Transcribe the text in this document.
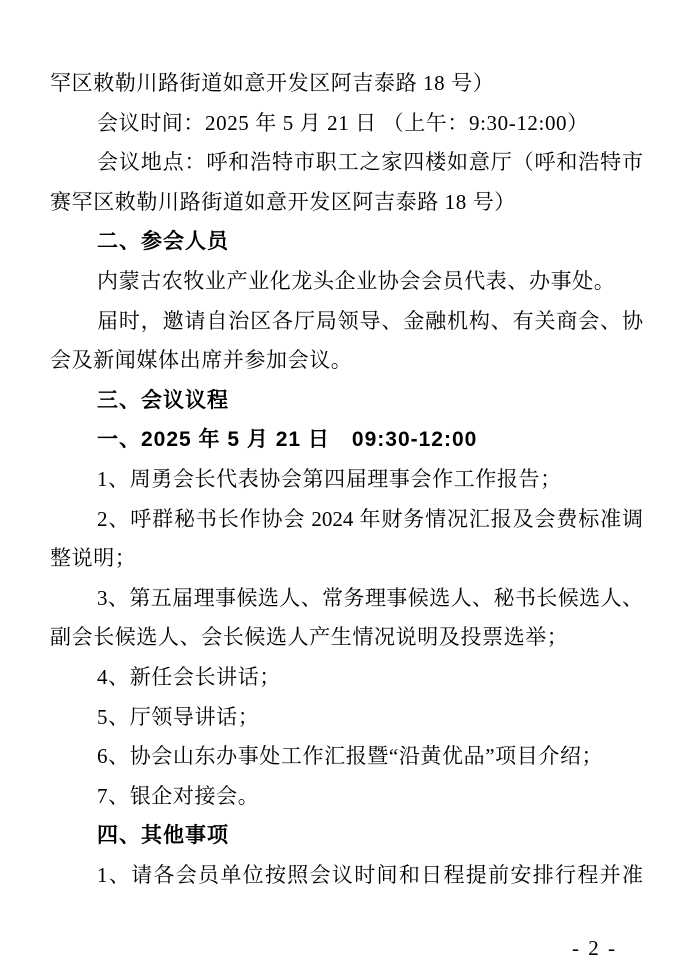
罕区敕勒川路街道如意开发区阿吉泰路 18 号）
会议时间：2025 年 5 月 21 日 （上午：9:30-12:00）
会议地点：呼和浩特市职工之家四楼如意厅（呼和浩特市
赛罕区敕勒川路街道如意开发区阿吉泰路 18 号）
二、参会人员
内蒙古农牧业产业化龙头企业协会会员代表、办事处。
届时，邀请自治区各厅局领导、金融机构、有关商会、协
会及新闻媒体出席并参加会议。
三、会议议程
一、2025 年 5 月 21 日　09:30-12:00
1、周勇会长代表协会第四届理事会作工作报告；
2、呼群秘书长作协会 2024 年财务情况汇报及会费标准调
整说明；
3、第五届理事候选人、常务理事候选人、秘书长候选人、
副会长候选人、会长候选人产生情况说明及投票选举；
4、新任会长讲话；
5、厅领导讲话；
6、协会山东办事处工作汇报暨“沿黄优品”项目介绍；
7、银企对接会。
四、其他事项
1、请各会员单位按照会议时间和日程提前安排行程并准
- 2 -
